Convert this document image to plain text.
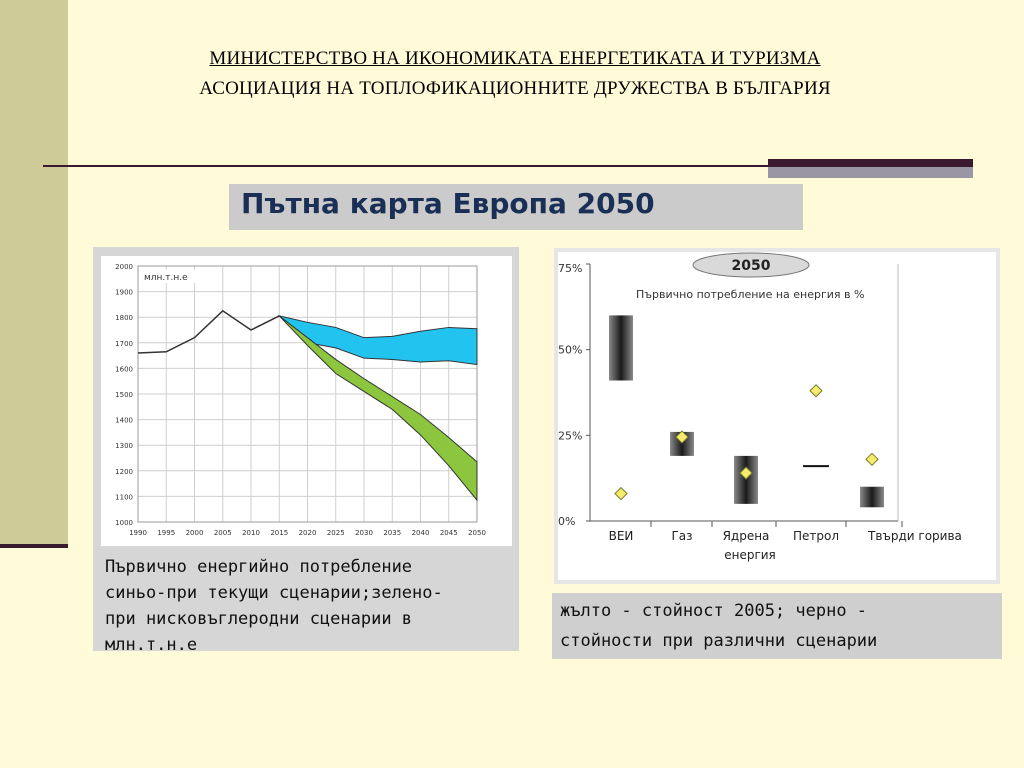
МИНИСТЕРСТВО НА ИКОНОМИКАТА ЕНЕРГЕТИКАТА И ТУРИЗМА
АСОЦИАЦИЯ НА ТОПЛОФИКАЦИОННИТЕ ДРУЖЕСТВА В БЪЛГАРИЯ
Пътна карта Европа 2050
1000
1100
1200
1300
1400
1500
1600
1700
1800
1900
2000
1990 1995 2000 2005 2010 2015 2020 2025 2030 2035 2040 2045 2050
млн.т.н.е
Първично енергийно потребление
синьо-при текущи сценарии;зелено-
при нисковъглеродни сценарии в
млн.т.н.е
0%
25%
50%
75%	2050
Първично потребление на енергия в %
ВЕИ	Газ	Ядрена Петрол Твърди горива
енергия
жълто - стойност 2005; черно -
стойности при различни сценарии
